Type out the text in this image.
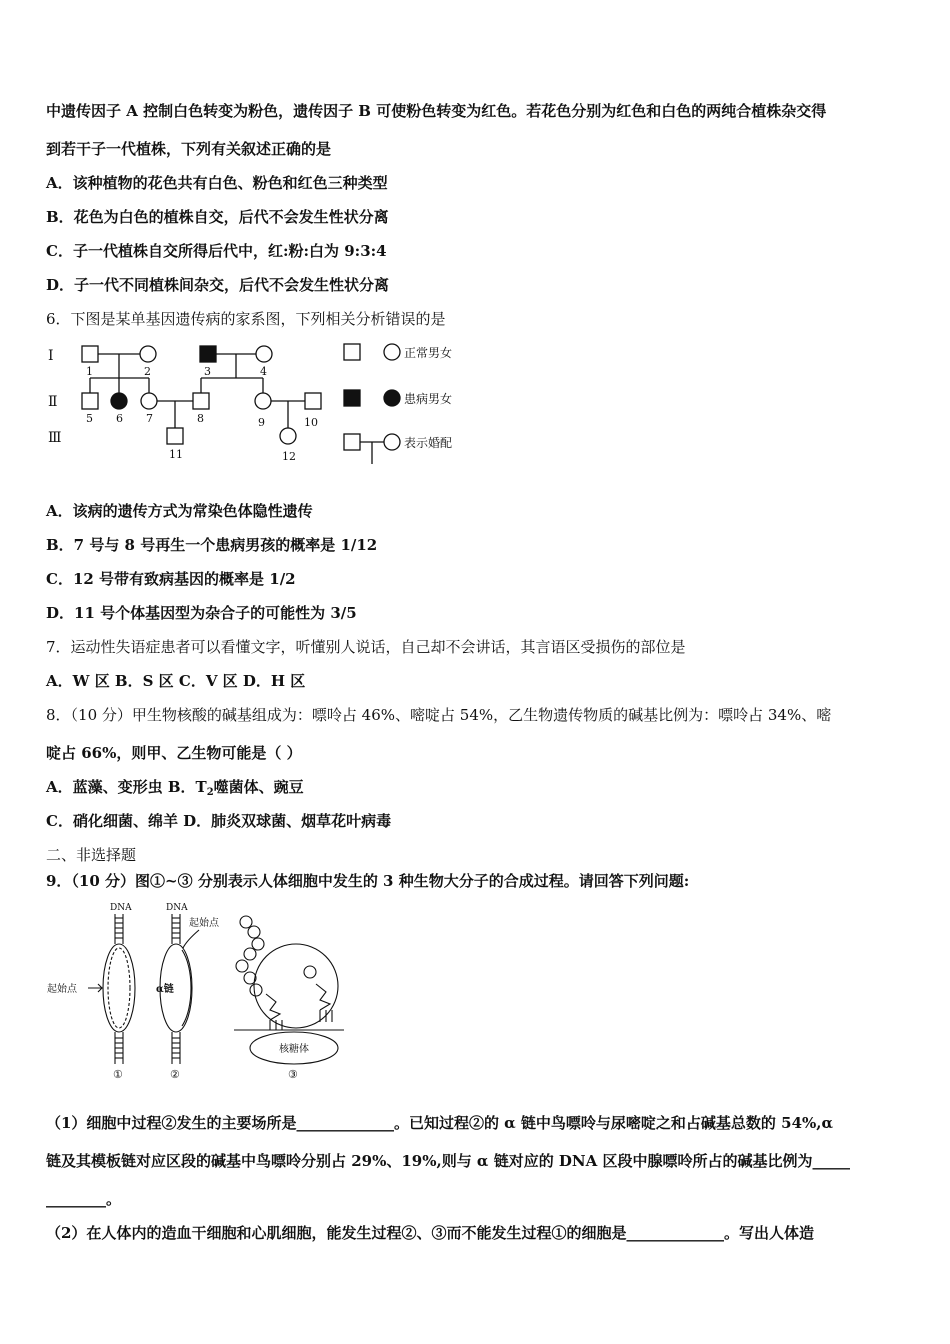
中遗传因子 A 控制白色转变为粉色，遗传因子 B 可使粉色转变为红色。若花色分别为红色和白色的两纯合植株杂交得
到若干子一代植株，下列有关叙述正确的是
A．该种植物的花色共有白色、粉色和红色三种类型
B．花色为白色的植株自交，后代不会发生性状分离
C．子一代植株自交所得后代中，红:粉:白为 9:3:4
D．子一代不同植株间杂交，后代不会发生性状分离
6．下图是某单基因遗传病的家系图，下列相关分析错误的是
Ⅰ
Ⅱ
Ⅲ
1	2	3	4
5 6 7	8	9	10
11	12
正常男女
患病男女
表示婚配
A．该病的遗传方式为常染色体隐性遗传
B．7 号与 8 号再生一个患病男孩的概率是 1/12
C．12 号带有致病基因的概率是 1/2
D．11 号个体基因型为杂合子的可能性为 3/5
7．运动性失语症患者可以看懂文字，听懂别人说话，自己却不会讲话，其言语区受损伤的部位是
A．W 区 B．S 区 C．V 区 D．H 区
8．（10 分）甲生物核酸的碱基组成为：嘌呤占 46%、嘧啶占 54%，乙生物遗传物质的碱基比例为：嘌呤占 34%、嘧
啶占 66%，则甲、乙生物可能是（ ）
A．蓝藻、变形虫 B．$T_2$噬菌体、豌豆
C．硝化细菌、绵羊 D．肺炎双球菌、烟草花叶病毒
二、非选择题
9．（10 分）图①~③ 分别表示人体细胞中发生的 3 种生物大分子的合成过程。请回答下列问题:
DNA
起始点
①
DNA
起始点
α链
②
核糖体
③
（1）细胞中过程②发生的主要场所是_____________。已知过程②的 α 链中鸟嘌呤与尿嘧啶之和占碱基总数的 54%,α
链及其模板链对应区段的碱基中鸟嘌呤分别占 29%、19%,则与 α 链对应的 DNA 区段中腺嘌呤所占的碱基比例为_____
________。
（2）在人体内的造血干细胞和心肌细胞，能发生过程②、③而不能发生过程①的细胞是_____________。写出人体造
